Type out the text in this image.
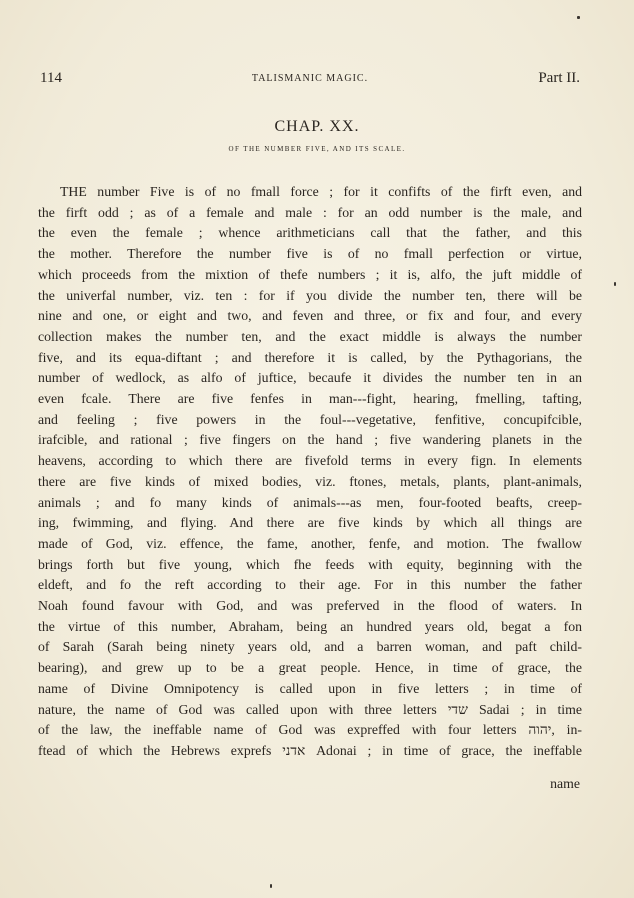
114	TALISMANIC MAGIC.	Part II.
CHAP. XX.
OF THE NUMBER FIVE, AND ITS SCALE.
THE number Five is of no fmall force ; for it confifts of the firft even, and
the firft odd ; as of a female and male : for an odd number is the male, and
the even the female ; whence arithmeticians call that the father, and this
the mother. Therefore the number five is of no fmall perfection or virtue,
which proceeds from the mixtion of thefe numbers ; it is, alfo, the juft middle of
the univerfal number, viz. ten : for if you divide the number ten, there will be
nine and one, or eight and two, and feven and three, or fix and four, and every
collection makes the number ten, and the exact middle is always the number
five, and its equa-diftant ; and therefore it is called, by the Pythagorians, the
number of wedlock, as alfo of juftice, becaufe it divides the number ten in an
even fcale. There are five fenfes in man---fight, hearing, fmelling, tafting,
and feeling ; five powers in the foul---vegetative, fenfitive, concupifcible,
irafcible, and rational ; five fingers on the hand ; five wandering planets in the
heavens, according to which there are fivefold terms in every fign. In elements
there are five kinds of mixed bodies, viz. ftones, metals, plants, plant-animals,
animals ; and fo many kinds of animals---as men, four-footed beafts, creep-
ing, fwimming, and flying. And there are five kinds by which all things are
made of God, viz. effence, the fame, another, fenfe, and motion. The fwallow
brings forth but five young, which fhe feeds with equity, beginning with the
eldeft, and fo the reft according to their age. For in this number the father
Noah found favour with God, and was preferved in the flood of waters. In
the virtue of this number, Abraham, being an hundred years old, begat a fon
of Sarah (Sarah being ninety years old, and a barren woman, and paft child-
bearing), and grew up to be a great people. Hence, in time of grace, the
name of Divine Omnipotency is called upon in five letters ; in time of
nature, the name of God was called upon with three letters שדי Sadai ; in time
of the law, the ineffable name of God was expreffed with four letters יהוה, in-
ftead of which the Hebrews exprefs אדני Adonai ; in time of grace, the ineffable
name
